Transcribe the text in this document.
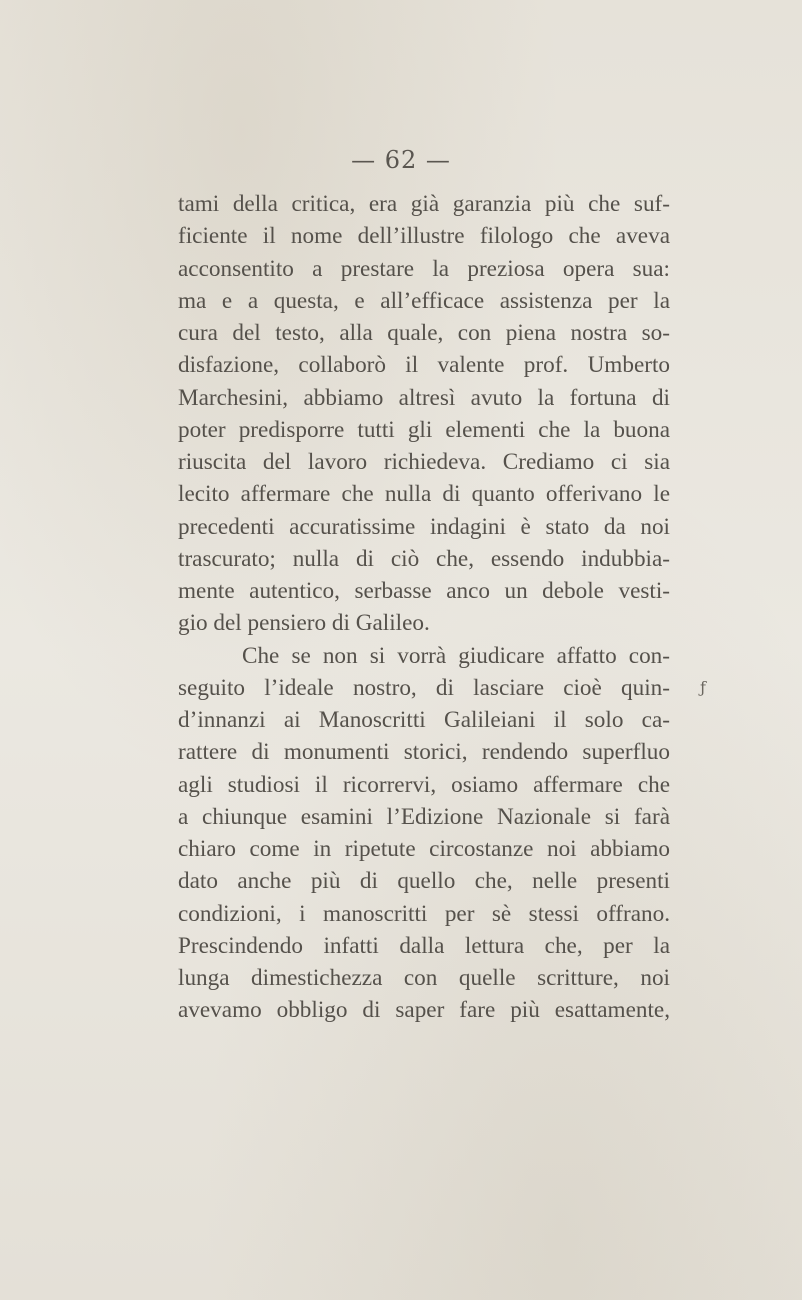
— 62 —
tami della critica, era già garanzia più che suf-
ficiente il nome dell’illustre filologo che aveva
acconsentito a prestare la preziosa opera sua:
ma e a questa, e all’efficace assistenza per la
cura del testo, alla quale, con piena nostra so-
disfazione, collaborò il valente prof. Umberto
Marchesini, abbiamo altresì avuto la fortuna di
poter predisporre tutti gli elementi che la buona
riuscita del lavoro richiedeva. Crediamo ci sia
lecito affermare che nulla di quanto offerivano le
precedenti accuratissime indagini è stato da noi
trascurato; nulla di ciò che, essendo indubbia-
mente autentico, serbasse anco un debole vesti-
gio del pensiero di Galileo.
Che se non si vorrà giudicare affatto con-
seguito l’ideale nostro, di lasciare cioè quin-
d’innanzi ai Manoscritti Galileiani il solo ca-
rattere di monumenti storici, rendendo superfluo
agli studiosi il ricorrervi, osiamo affermare che
a chiunque esamini l’Edizione Nazionale si farà
chiaro come in ripetute circostanze noi abbiamo
dato anche più di quello che, nelle presenti
condizioni, i manoscritti per sè stessi offrano.
Prescindendo infatti dalla lettura che, per la
lunga dimestichezza con quelle scritture, noi
avevamo obbligo di saper fare più esattamente,
ƒ
